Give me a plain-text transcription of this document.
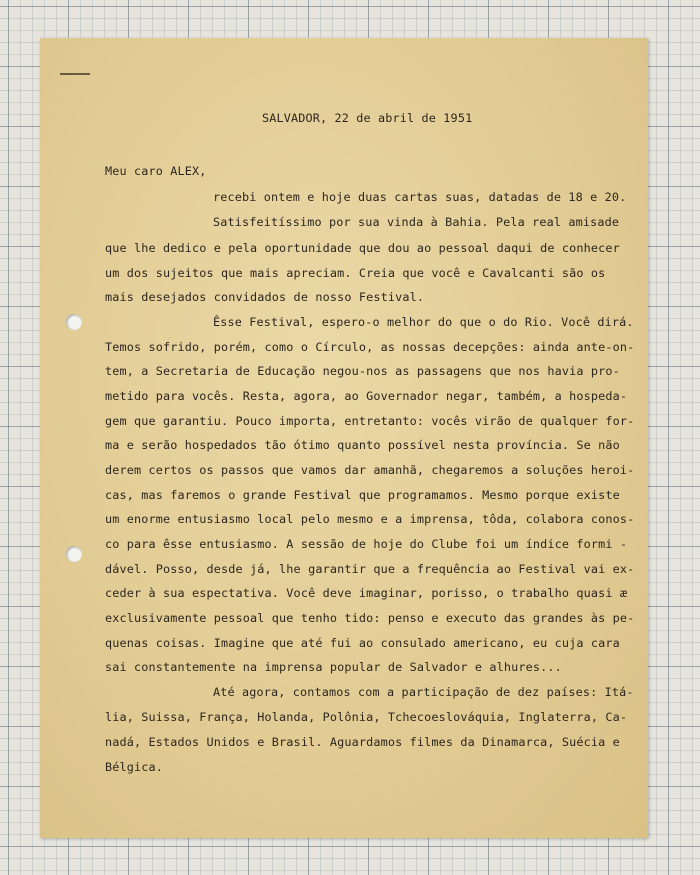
SALVADOR, 22 de abril de 1951
Meu caro ALEX,
recebi ontem e hoje duas cartas suas, datadas de 18 e 20.
Satisfeitíssimo por sua vinda à Bahia. Pela real amisade
que lhe dedico e pela oportunidade que dou ao pessoal daqui de conhecer
um dos sujeitos que mais apreciam. Creia que você e Cavalcanti são os
mais desejados convidados de nosso Festival.
Êsse Festival, espero-o melhor do que o do Rio. Você dirá.
Temos sofrido, porém, como o Círculo, as nossas decepções: ainda ante-on-
tem, a Secretaria de Educação negou-nos as passagens que nos havia pro-
metido para vocês. Resta, agora, ao Governador negar, também, a hospeda-
gem que garantiu. Pouco importa, entretanto: vocês virão de qualquer for-
ma e serão hospedados tão ótimo quanto possível nesta província. Se não
derem certos os passos que vamos dar amanhã, chegaremos a soluções heroi-
cas, mas faremos o grande Festival que programamos. Mesmo porque existe
um enorme entusiasmo local pelo mesmo e a imprensa, tôda, colabora conos-
co para êsse entusiasmo. A sessão de hoje do Clube foi um índice formi -
dável. Posso, desde já, lhe garantir que a frequência ao Festival vai ex-
ceder à sua espectativa. Você deve imaginar, porisso, o trabalho quasi æ
exclusivamente pessoal que tenho tido: penso e executo das grandes às pe-
quenas coisas. Imagine que até fui ao consulado americano, eu cuja cara
sai constantemente na imprensa popular de Salvador e alhures...
Até agora, contamos com a participação de dez países: Itá-
lia, Suissa, França, Holanda, Polônia, Tchecoeslováquia, Inglaterra, Ca-
nadá, Estados Unidos e Brasil. Aguardamos filmes da Dinamarca, Suécia e
Bélgica.
